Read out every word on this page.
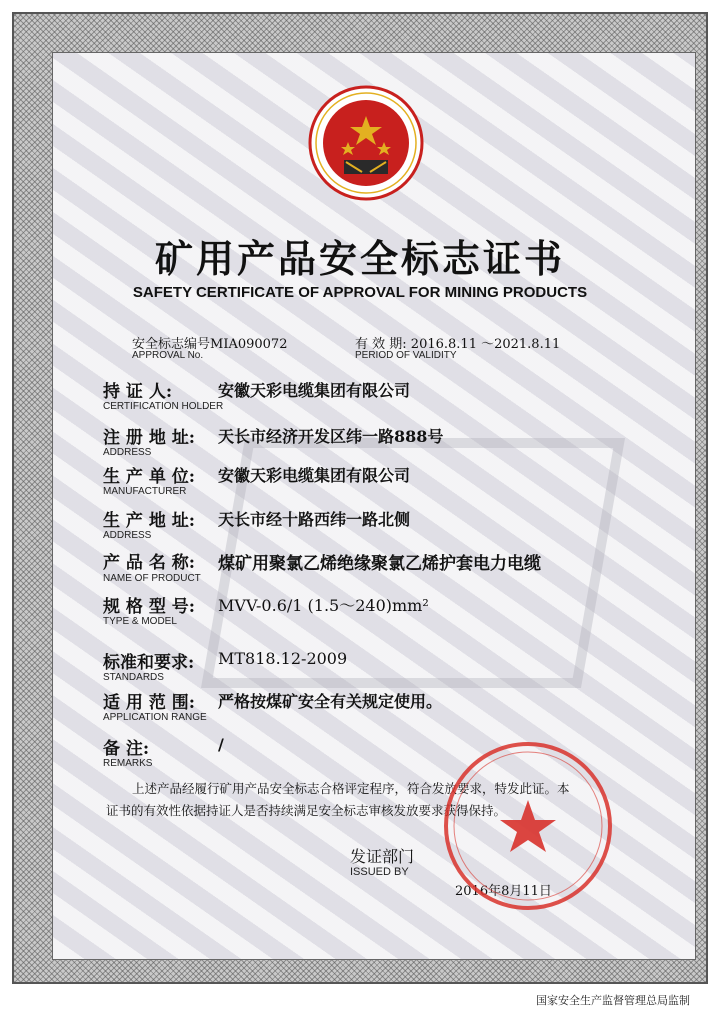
矿用产品安全标志证书
SAFETY CERTIFICATE OF APPROVAL FOR MINING PRODUCTS
安全标志编号MIA090072
APPROVAL No.
有 效 期: 2016.8.11 ～2021.8.11
PERIOD OF VALIDITY
持 证 人:	安徽天彩电缆集团有限公司
CERTIFICATION HOLDER
注 册 地 址: 天长市经济开发区纬一路888号
ADDRESS
生 产 单 位: 安徽天彩电缆集团有限公司
MANUFACTURER
生 产 地 址: 天长市经十路西纬一路北侧
ADDRESS
产 品 名 称: 煤矿用聚氯乙烯绝缘聚氯乙烯护套电力电缆
NAME OF PRODUCT
规 格 型 号: MVV-0.6/1 (1.5～240)mm²
TYPE & MODEL
标准和要求: MT818.12-2009
STANDARDS
适 用 范 围: 严格按煤矿安全有关规定使用。
APPLICATION RANGE
备 注:	/
REMARKS
上述产品经履行矿用产品安全标志合格评定程序，符合发放要求，特发此证。本
证书的有效性依据持证人是否持续满足安全标志审核发放要求获得保持。
发证部门
ISSUED BY
2016年8月11日
国家安全生产监督管理总局监制
